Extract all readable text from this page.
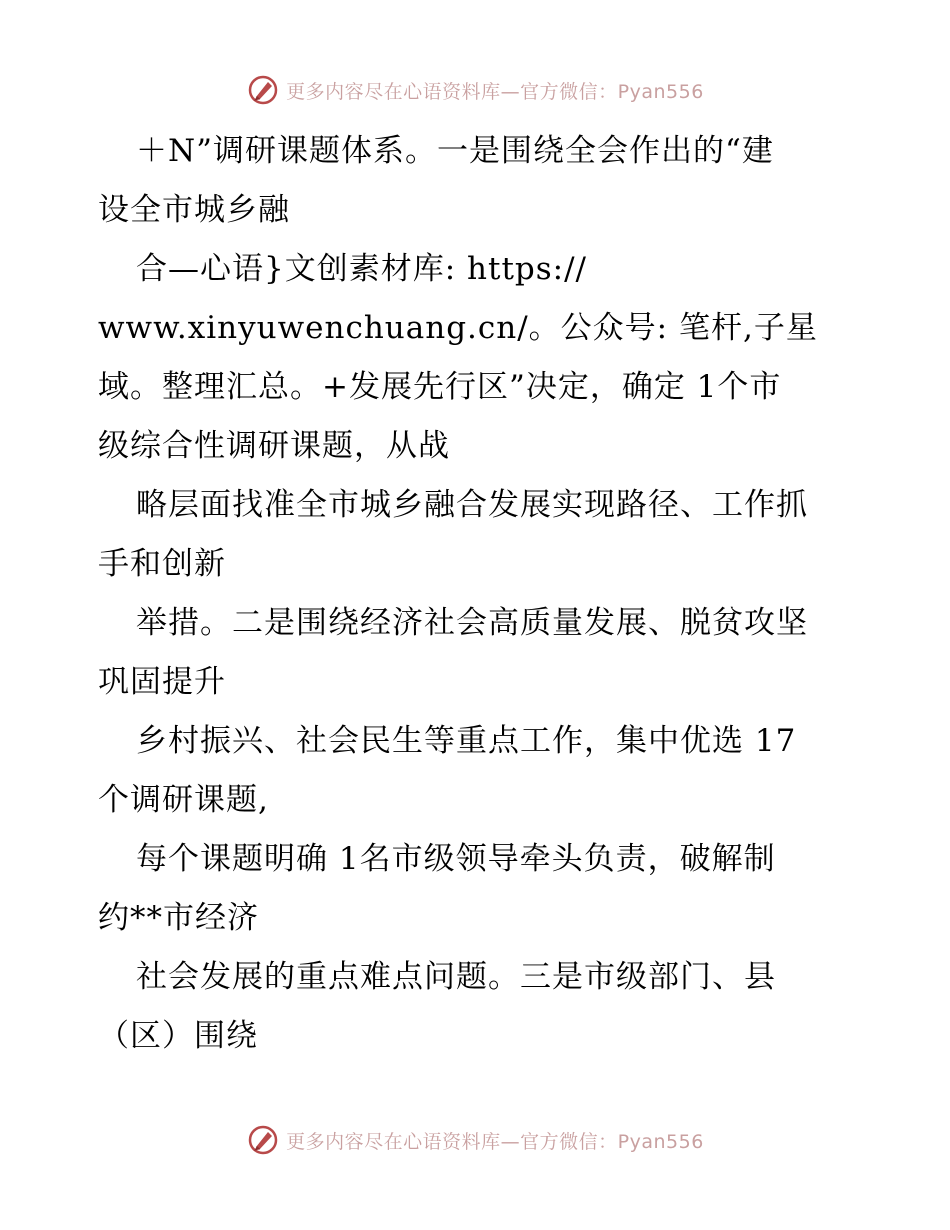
更多内容尽在心语资料库—官方微信：Pyan556
＋N”调研课题体系。一是围绕全会作出的“建
设全市城乡融
合—心语}文创素材库: https://
www.xinyuwenchuang.cn/。公众号: 笔杆,子星
域。整理汇总。+发展先行区”决定，确定 1个市
级综合性调研课题，从战
略层面找准全市城乡融合发展实现路径、工作抓
手和创新
举措。二是围绕经济社会高质量发展、脱贫攻坚
巩固提升
乡村振兴、社会民生等重点工作，集中优选 17
个调研课题,
每个课题明确 1名市级领导牵头负责，破解制
约**市经济
社会发展的重点难点问题。三是市级部门、县
（区）围绕
更多内容尽在心语资料库—官方微信：Pyan556
